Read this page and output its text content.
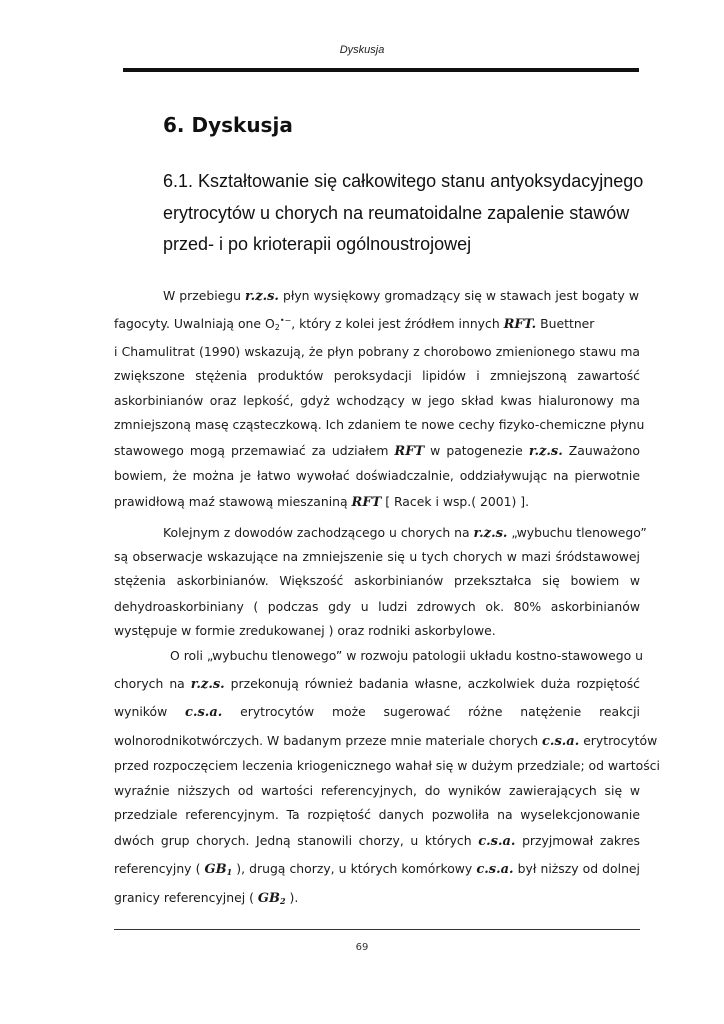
Dyskusja
6. Dyskusja
6.1. Kształtowanie się całkowitego stanu antyoksydacyjnego
erytrocytów u chorych na reumatoidalne zapalenie stawów
przed- i po krioterapii ogólnoustrojowej
W przebiegu r.z.s. płyn wysiękowy gromadzący się w stawach jest bogaty w
fagocyty. Uwalniają one $O_2^{•-}$, który z kolei jest źródłem innych RFT. Buettner
i Chamulitrat (1990) wskazują, że płyn pobrany z chorobowo zmienionego stawu ma
zwiększone stężenia produktów peroksydacji lipidów i zmniejszoną zawartość
askorbinianów oraz lepkość, gdyż wchodzący w jego skład kwas hialuronowy ma
zmniejszoną masę cząsteczkową. Ich zdaniem te nowe cechy fizyko-chemiczne płynu
stawowego mogą przemawiać za udziałem RFT w patogenezie r.z.s. Zauważono
bowiem, że można je łatwo wywołać doświadczalnie, oddziaływując na pierwotnie
prawidłową maź stawową mieszaniną RFT [ Racek i wsp.( 2001) ].
Kolejnym z dowodów zachodzącego u chorych na r.z.s. „wybuchu tlenowego”
są obserwacje wskazujące na zmniejszenie się u tych chorych w mazi śródstawowej
stężenia askorbinianów. Większość askorbinianów przekształca się bowiem w
dehydroaskorbiniany ( podczas gdy u ludzi zdrowych ok. 80% askorbinianów
występuje w formie zredukowanej ) oraz rodniki askorbylowe.
O roli „wybuchu tlenowego” w rozwoju patologii układu kostno-stawowego u
chorych na r.z.s. przekonują również badania własne, aczkolwiek duża rozpiętość
wyników c.s.a. erytrocytów może sugerować różne natężenie reakcji
wolnorodnikotwórczych. W badanym przeze mnie materiale chorych c.s.a. erytrocytów
przed rozpoczęciem leczenia kriogenicznego wahał się w dużym przedziale; od wartości
wyraźnie niższych od wartości referencyjnych, do wyników zawierających się w
przedziale referencyjnym. Ta rozpiętość danych pozwoliła na wyselekcjonowanie
dwóch grup chorych. Jedną stanowili chorzy, u których c.s.a. przyjmował zakres
referencyjny ( $GB_1$ ), drugą chorzy, u których komórkowy c.s.a. był niższy od dolnej
granicy referencyjnej ( $GB_2$ ).
69
